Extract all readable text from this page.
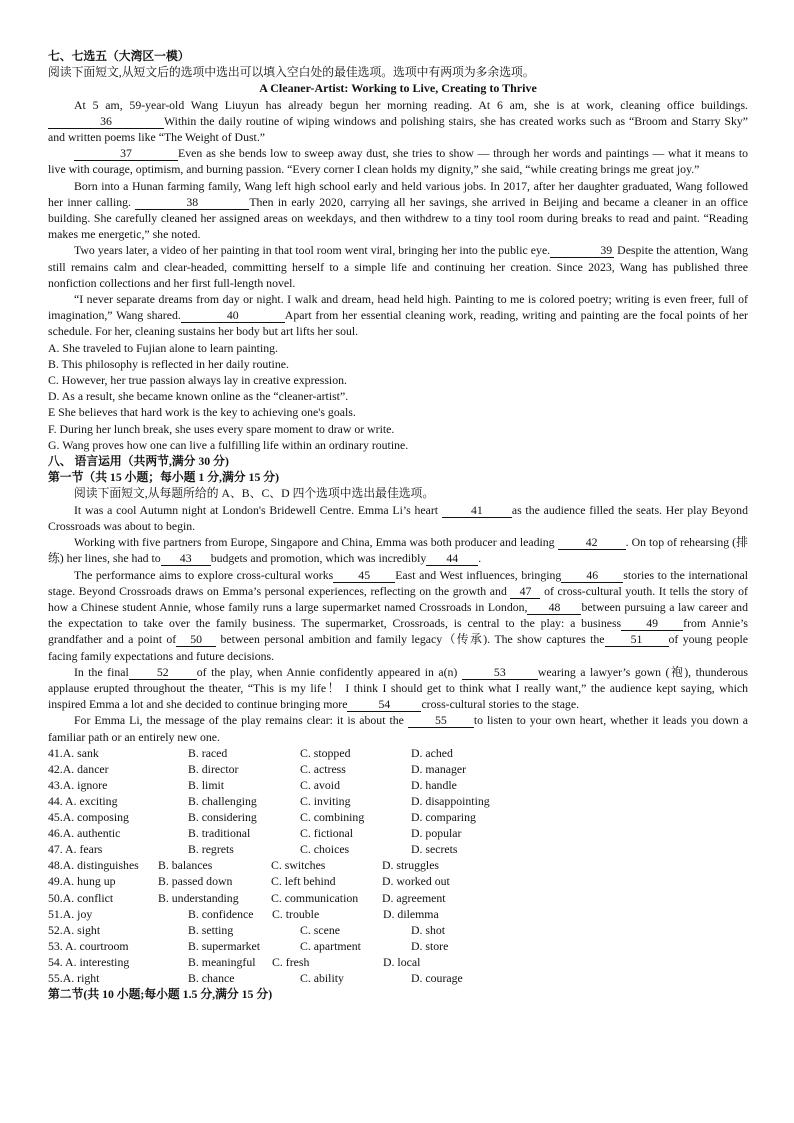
七、七选五（大湾区一模）

阅读下面短文,从短文后的选项中选出可以填入空白处的最佳选项。选项中有两项为多余选项。

A Cleaner-Artist: Working to Live, Creating to Thrive

At 5 am, 59-year-old Wang Liuyun has already begun her morning reading. At 6 am, she is at work, cleaning office buildings. 36	Within the daily routine of wiping windows and polishing stairs, she has created works such as “Broom and Starry Sky” and written poems like “The Weight of Dust.”

37	Even as she bends low to sweep away dust, she tries to show — through her words and paintings — what it means to live with courage, optimism, and burning passion. “Every corner I clean holds my dignity,” she said, “while creating brings me great joy.”

Born into a Hunan farming family, Wang left high school early and held various jobs. In 2017, after her daughter graduated, Wang followed her inner calling.	38	Then in early 2020, carrying all her savings, she arrived in Beijing and became a cleaner in an office building. She carefully cleaned her assigned areas on weekdays, and then withdrew to a tiny tool room during breaks to read and paint. “Reading makes me energetic,” she noted.

Two years later, a video of her painting in that tool room went viral, bringing her into the public eye.	39 Despite the attention, Wang still remains calm and clear-headed, committing herself to a simple life and continuing her creation. Since 2023, Wang has published three nonfiction collections and her first full-length novel.

“I never separate dreams from day or night. I walk and dream, head held high. Painting to me is colored poetry; writing is even freer, full of imagination,” Wang shared.	40	Apart from her essential cleaning work, reading, writing and painting are the focal points of her schedule. For her, cleaning sustains her body but art lifts her soul.

A. She traveled to Fujian alone to learn painting.

B. This philosophy is reflected in her daily routine.

C. However, her true passion always lay in creative expression.

D. As a result, she became known online as the “cleaner-artist”.

E She believes that hard work is the key to achieving one's goals.

F. During her lunch break, she uses every spare moment to draw or write.

G. Wang proves how one can live a fulfilling life within an ordinary routine.

八、 语言运用（共两节,满分 30 分)

第一节（共 15 小题；每小题 1 分,满分 15 分)

阅读下面短文,从每题所给的 A、B、C、D 四个选项中选出最佳选项。

It was a cool Autumn night at London's Bridewell Centre. Emma Li’s heart 41 as the audience filled the seats. Her play Beyond Crossroads was about to begin.

Working with five partners from Europe, Singapore and China, Emma was both producer and leading 42 . On top of rehearsing (排练) her lines, she had to 43 budgets and promotion, which was incredibly 44 .

The performance aims to explore cross-cultural works 45 East and West influences, bringing 46 stories to the international stage. Beyond Crossroads draws on Emma’s personal experiences, reflecting on the growth and 47 of cross-cultural youth. It tells the story of how a Chinese student Annie, whose family runs a large supermarket named Crossroads in London, 48 between pursuing a law career and the expectation to take over the family business. The supermarket, Crossroads, is central to the play: a business 49 from Annie’s grandfather and a point of 50 between personal ambition and family legacy（传承). The show captures the 51 of young people facing family expectations and future decisions.

In the final 52 of the play, when Annie confidently appeared in a(n)	53	wearing a lawyer’s gown (袍), thunderous applause erupted throughout the theater, “This is my life！ I think I should get to think what I really want,” the audience kept saying, which inspired Emma a lot and she decided to continue bringing more	54	cross-cultural stories to the stage.

For Emma Li, the message of the play remains clear: it is about the 55 to listen to your own heart, whether it leads you down a familiar path or an entirely new one.

41.A. sank	B. raced	C. stopped	D. ached
42.A. dancer	B. director	C. actress	D. manager
43.A. ignore	B. limit	C. avoid	D. handle
44. A. exciting	B. challenging	C. inviting	D. disappointing
45.A. composing	B. considering	C. combining	D. comparing
46.A. authentic	B. traditional	C. fictional	D. popular
47. A. fears	B. regrets	C. choices	D. secrets
48.A. distinguishes	B. balances	C. switches	D. struggles
49.A. hung up	B. passed down	C. left behind	D. worked out
50.A. conflict	B. understanding	C. communication	D. agreement
51.A. joy	B. confidence	C. trouble	D. dilemma
52.A. sight	B. setting	C. scene	D. shot
53. A. courtroom	B. supermarket	C. apartment	D. store
54. A. interesting	B. meaningful	C. fresh	D. local
55.A. right	B. chance	C. ability	D. courage

第二节(共 10 小题;每小题 1.5 分,满分 15 分)
